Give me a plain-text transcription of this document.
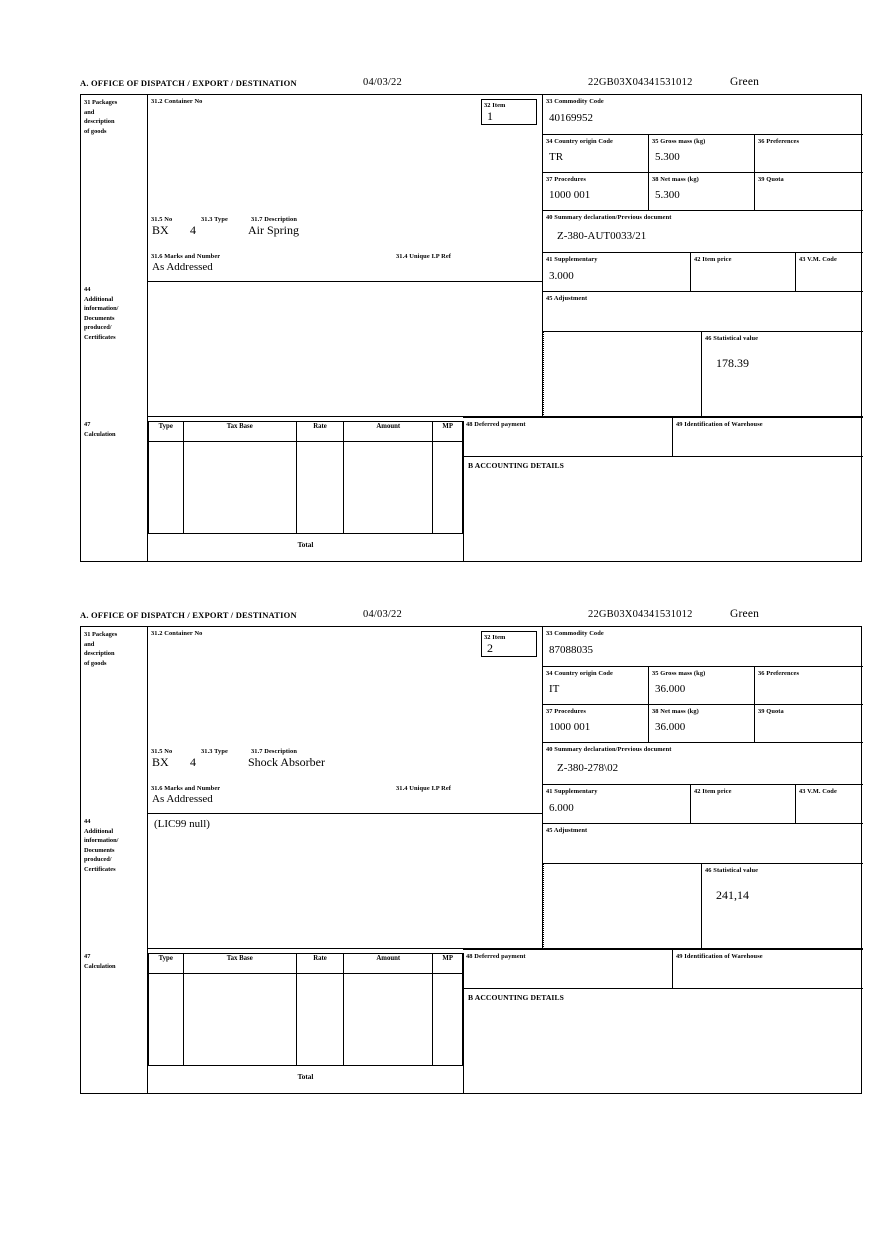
A. OFFICE OF DISPATCH / EXPORT / DESTINATION	04/03/22	22GB03X04341531012	Green
31 Packages
and
description
of goods
31.2 Container No
31.5 No	31.3 Type	31.7 Description
BX 4	Air Spring
31.6 Marks and Number	31.4 Unique I.P Ref
As Addressed
32 Item
1
33 Commodity Code
40169952
34 Country origin Code
TR
35 Gross mass (kg)
5.300
36 Preferences
37 Procedures
1000 001
38 Net mass (kg)
5.300
39 Quota
40 Summary declaration/Previous document
Z-380-AUT0033/21
41 Supplementary
3.000
42 Item price	43 V.M. Code
44
Additional
information/
Documents
produced/
Certificates
45 Adjustment
46 Statistical value
178.39
47
Calculation
Type	Tax Base	Rate	Amount	MP

Total
48 Deferred payment	49 Identification of Warehouse
B ACCOUNTING DETAILS
A. OFFICE OF DISPATCH / EXPORT / DESTINATION	04/03/22	22GB03X04341531012	Green
31 Packages
and
description
of goods
31.2 Container No
31.5 No	31.3 Type	31.7 Description
BX 4	Shock Absorber
31.6 Marks and Number	31.4 Unique I.P Ref
As Addressed
32 Item
2
33 Commodity Code
87088035
34 Country origin Code
IT
35 Gross mass (kg)
36.000
36 Preferences
37 Procedures
1000 001
38 Net mass (kg)
36.000
39 Quota
40 Summary declaration/Previous document
Z-380-278\02
41 Supplementary
6.000
42 Item price	43 V.M. Code
44
Additional
information/
Documents
produced/
Certificates
(LIC99 null)
45 Adjustment
46 Statistical value
241,14
47
Calculation
Type	Tax Base	Rate	Amount	MP

Total
48 Deferred payment	49 Identification of Warehouse
B ACCOUNTING DETAILS
